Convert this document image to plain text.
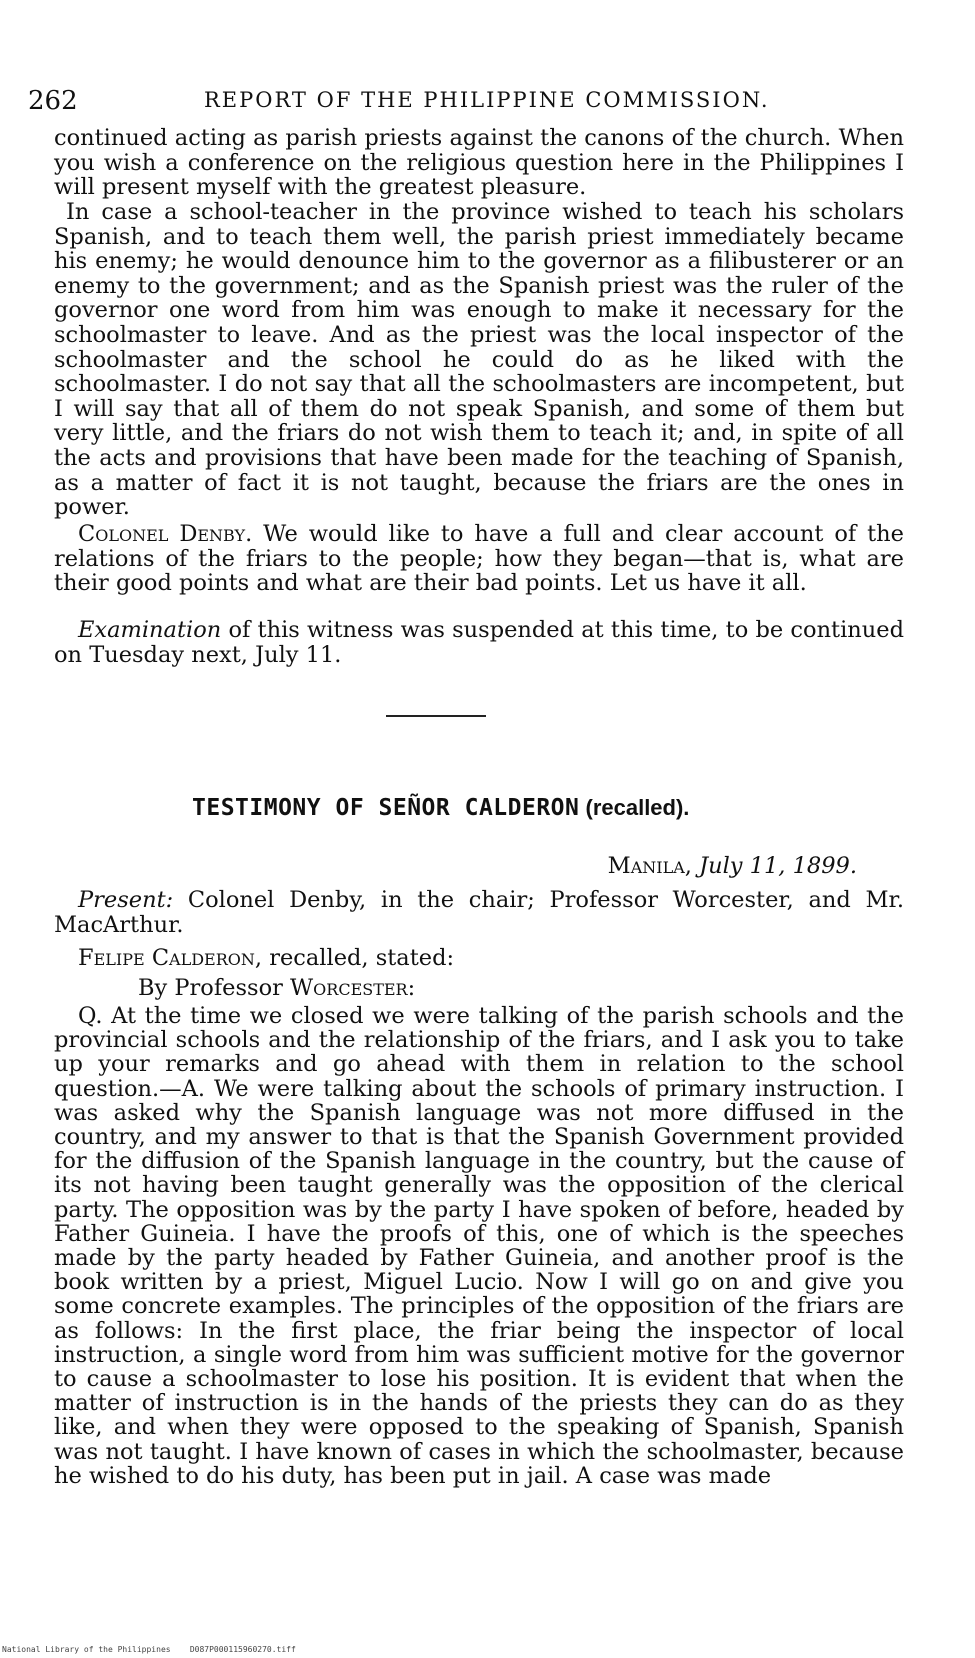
262	REPORT OF THE PHILIPPINE COMMISSION.

continued acting as parish priests against the canons of the church. When you wish a conference on the religious question here in the Philippines I will present myself with the greatest pleasure.

In case a school-teacher in the province wished to teach his scholars Spanish, and to teach them well, the parish priest immediately became his enemy; he would denounce him to the governor as a filibusterer or an enemy to the government; and as the Spanish priest was the ruler of the governor one word from him was enough to make it necessary for the schoolmaster to leave. And as the priest was the local inspector of the schoolmaster and the school he could do as he liked with the schoolmaster. I do not say that all the schoolmasters are incompetent, but I will say that all of them do not speak Spanish, and some of them but very little, and the friars do not wish them to teach it; and, in spite of all the acts and provisions that have been made for the teaching of Spanish, as a matter of fact it is not taught, because the friars are the ones in power.

Colonel Denby. We would like to have a full and clear account of the relations of the friars to the people; how they began—that is, what are their good points and what are their bad points. Let us have it all.

Examination of this witness was suspended at this time, to be continued on Tuesday next, July 11.

TESTIMONY OF SEÑOR CALDERON (recalled).
Manila, July 11, 1899.

Present: Colonel Denby, in the chair; Professor Worcester, and Mr. MacArthur.

Felipe Calderon, recalled, stated:

By Professor Worcester:

Q. At the time we closed we were talking of the parish schools and the provincial schools and the relationship of the friars, and I ask you to take up your remarks and go ahead with them in relation to the school question.—A. We were talking about the schools of primary instruction. I was asked why the Spanish language was not more diffused in the country, and my answer to that is that the Spanish Government provided for the diffusion of the Spanish language in the country, but the cause of its not having been taught generally was the opposition of the clerical party. The opposition was by the party I have spoken of before, headed by Father Guineia. I have the proofs of this, one of which is the speeches made by the party headed by Father Guineia, and another proof is the book written by a priest, Miguel Lucio. Now I will go on and give you some concrete examples. The principles of the opposition of the friars are as follows: In the first place, the friar being the inspector of local instruction, a single word from him was sufficient motive for the governor to cause a schoolmaster to lose his position. It is evident that when the matter of instruction is in the hands of the priests they can do as they like, and when they were opposed to the speaking of Spanish, Spanish was not taught. I have known of cases in which the schoolmaster, because he wished to do his duty, has been put in jail. A case was made

National Library of the Philippines D087P000115960270.tiff
